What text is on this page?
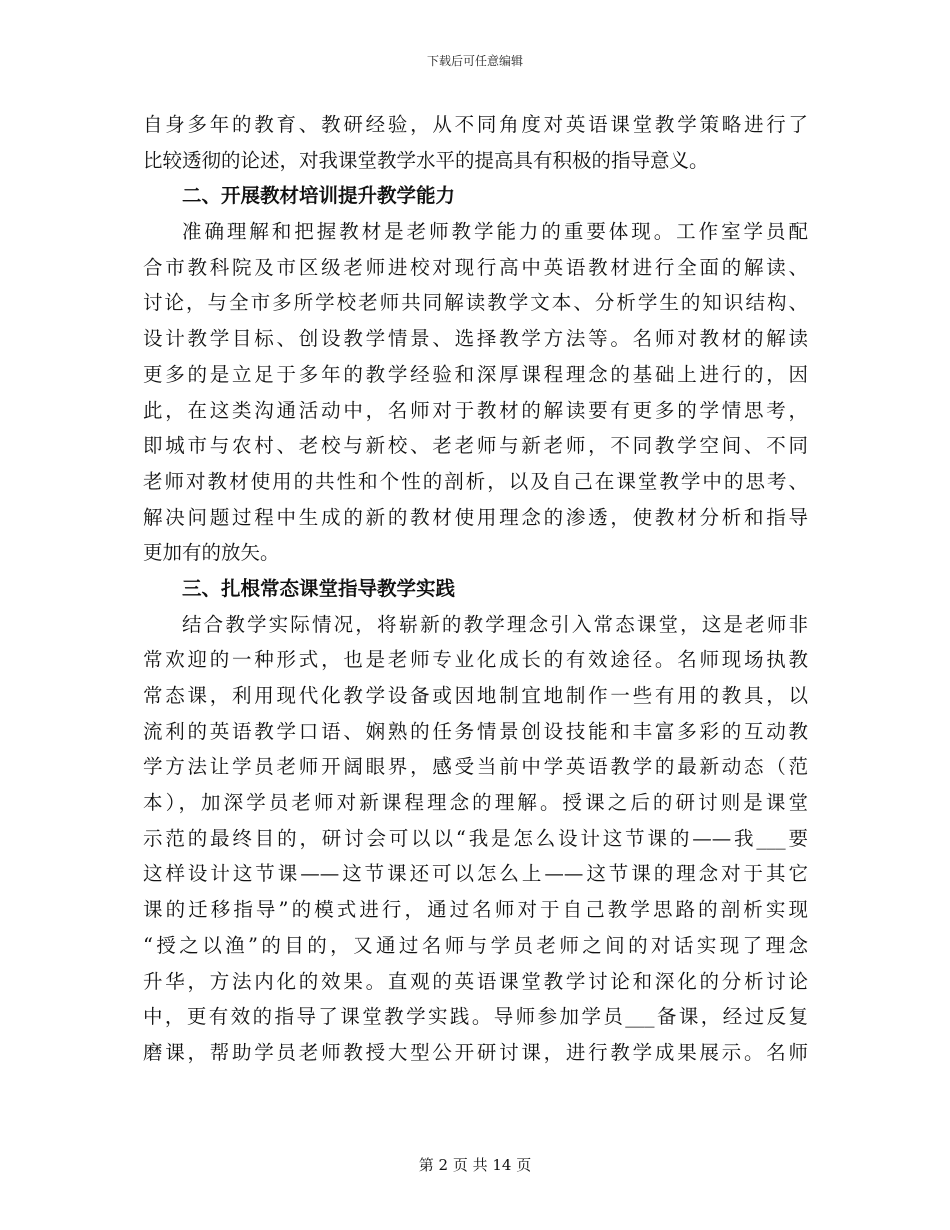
下载后可任意编辑
自身多年的教育、教研经验，从不同角度对英语课堂教学策略进行了
比较透彻的论述，对我课堂教学水平的提高具有积极的指导意义。
二、开展教材培训提升教学能力
准确理解和把握教材是老师教学能力的重要体现。工作室学员配
合市教科院及市区级老师进校对现行高中英语教材进行全面的解读、
讨论，与全市多所学校老师共同解读教学文本、分析学生的知识结构、
设计教学目标、创设教学情景、选择教学方法等。名师对教材的解读
更多的是立足于多年的教学经验和深厚课程理念的基础上进行的，因
此，在这类沟通活动中，名师对于教材的解读要有更多的学情思考，
即城市与农村、老校与新校、老老师与新老师，不同教学空间、不同
老师对教材使用的共性和个性的剖析，以及自己在课堂教学中的思考、
解决问题过程中生成的新的教材使用理念的渗透，使教材分析和指导
更加有的放矢。
三、扎根常态课堂指导教学实践
结合教学实际情况，将崭新的教学理念引入常态课堂，这是老师非
常欢迎的一种形式，也是老师专业化成长的有效途径。名师现场执教
常态课，利用现代化教学设备或因地制宜地制作一些有用的教具，以
流利的英语教学口语、娴熟的任务情景创设技能和丰富多彩的互动教
学方法让学员老师开阔眼界，感受当前中学英语教学的最新动态（范
本），加深学员老师对新课程理念的理解。授课之后的研讨则是课堂
示范的最终目的，研讨会可以以“我是怎么设计这节课的——我___要
这样设计这节课——这节课还可以怎么上——这节课的理念对于其它
课的迁移指导”的模式进行，通过名师对于自己教学思路的剖析实现
“授之以渔”的目的，又通过名师与学员老师之间的对话实现了理念
升华，方法内化的效果。直观的英语课堂教学讨论和深化的分析讨论
中，更有效的指导了课堂教学实践。导师参加学员___备课，经过反复
磨课，帮助学员老师教授大型公开研讨课，进行教学成果展示。名师
第 2 页 共 14 页
